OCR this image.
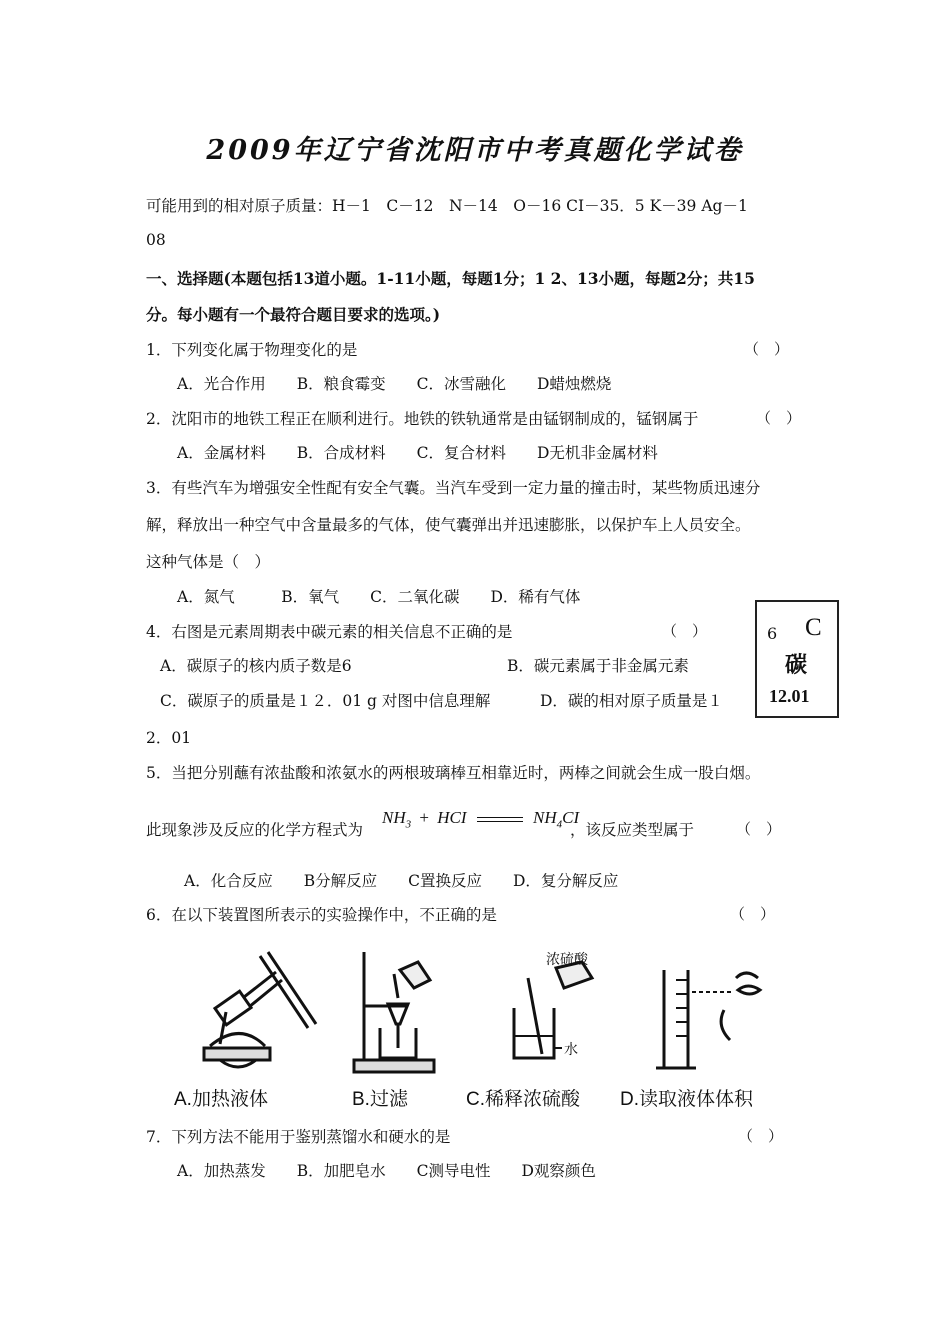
2009年辽宁省沈阳市中考真题化学试卷
可能用到的相对原子质量：H－1　C－12　N－14　O－16 CI－35．5 K－39 Ag－1
08
一、选择题(本题包括13道小题。1-11小题，每题1分；1 2、13小题，每题2分；共15
分。每小题有一个最符合题目要求的选项。)
1．下列变化属于物理变化的是	（　）
A．光合作用　　B．粮食霉变　　C．冰雪融化　　D蜡烛燃烧
2．沈阳市的地铁工程正在顺利进行。地铁的铁轨通常是由锰钢制成的，锰钢属于	（　）
A．金属材料　　B．合成材料　　C．复合材料　　D无机非金属材料
3．有些汽车为增强安全性配有安全气囊。当汽车受到一定力量的撞击时，某些物质迅速分
解，释放出一种空气中含量最多的气体，使气囊弹出并迅速膨胀，以保护车上人员安全。
这种气体是（　）
A．氮气　　　B．氧气　　C．二氧化碳　　D．稀有气体
4．右图是元素周期表中碳元素的相关信息不正确的是	（　）
A．碳原子的核内质子数是6	B．碳元素属于非金属元素
C．碳原子的质量是１２．01 g 对图中信息理解	D．碳的相对原子质量是１
2．01
6 C
碳
12.01
5．当把分别蘸有浓盐酸和浓氨水的两根玻璃棒互相靠近时，两棒之间就会生成一股白烟。
此现象涉及反应的化学方程式为
$NH_3$ + HCI	$NH_4CI$
，该反应类型属于	（　）
A．化合反应　　B分解反应　　C置换反应　　D．复分解反应
6．在以下装置图所表示的实验操作中，不正确的是	（　）
浓硫酸
水
A.加热液体	B.过滤	C.稀释浓硫酸 D.读取液体体积
7．下列方法不能用于鉴别蒸馏水和硬水的是	（　）
A．加热蒸发　　B．加肥皂水　　C测导电性　　D观察颜色
